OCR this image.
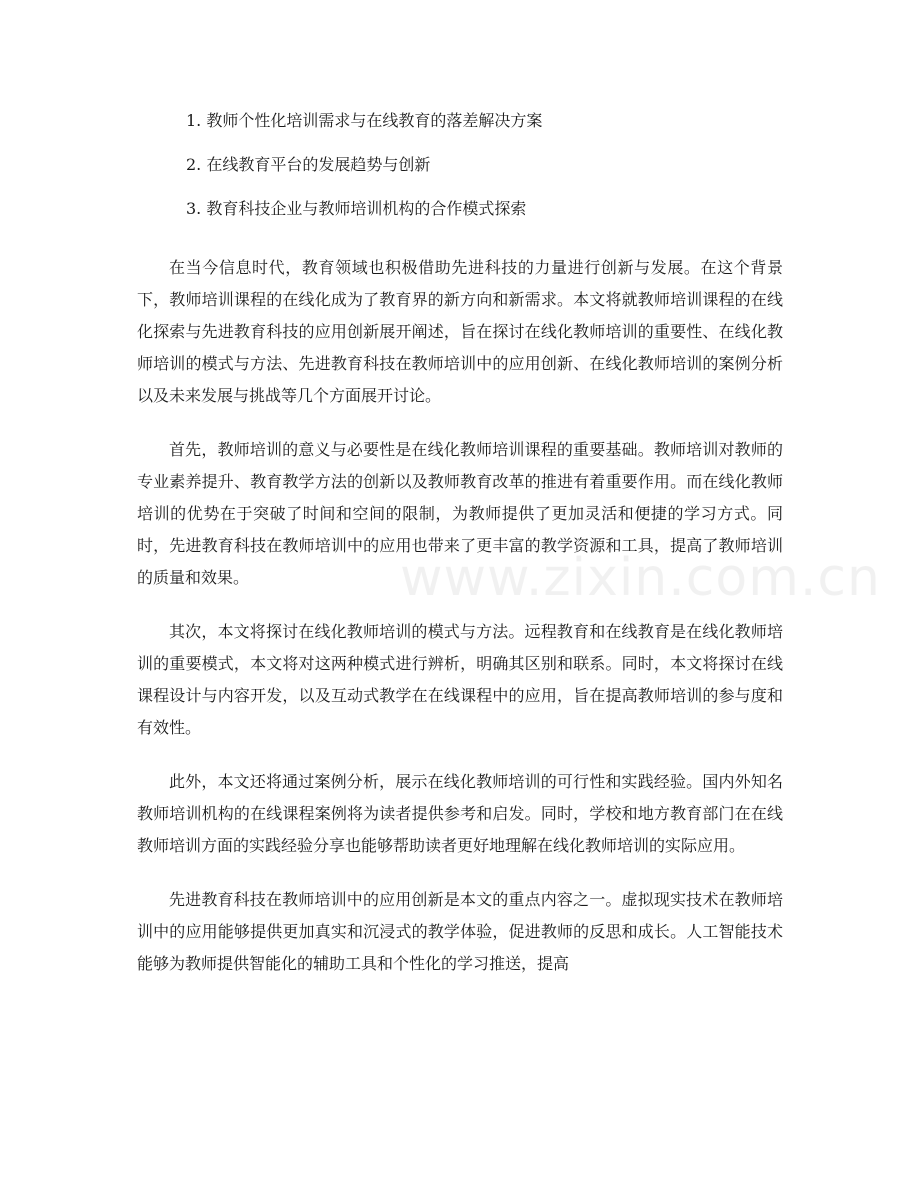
1. 教师个性化培训需求与在线教育的落差解决方案
2. 在线教育平台的发展趋势与创新
3. 教育科技企业与教师培训机构的合作模式探索

在当今信息时代，教育领域也积极借助先进科技的力量进行创新与发展。在这个背景下，教师培训课程的在线化成为了教育界的新方向和新需求。本文将就教师培训课程的在线化探索与先进教育科技的应用创新展开阐述，旨在探讨在线化教师培训的重要性、在线化教师培训的模式与方法、先进教育科技在教师培训中的应用创新、在线化教师培训的案例分析以及未来发展与挑战等几个方面展开讨论。

首先，教师培训的意义与必要性是在线化教师培训课程的重要基础。教师培训对教师的专业素养提升、教育教学方法的创新以及教师教育改革的推进有着重要作用。而在线化教师培训的优势在于突破了时间和空间的限制，为教师提供了更加灵活和便捷的学习方式。同时，先进教育科技在教师培训中的应用也带来了更丰富的教学资源和工具，提高了教师培训的质量和效果。

其次，本文将探讨在线化教师培训的模式与方法。远程教育和在线教育是在线化教师培训的重要模式，本文将对这两种模式进行辨析，明确其区别和联系。同时，本文将探讨在线课程设计与内容开发，以及互动式教学在在线课程中的应用，旨在提高教师培训的参与度和有效性。

此外，本文还将通过案例分析，展示在线化教师培训的可行性和实践经验。国内外知名教师培训机构的在线课程案例将为读者提供参考和启发。同时，学校和地方教育部门在在线教师培训方面的实践经验分享也能够帮助读者更好地理解在线化教师培训的实际应用。

先进教育科技在教师培训中的应用创新是本文的重点内容之一。虚拟现实技术在教师培训中的应用能够提供更加真实和沉浸式的教学体验，促进教师的反思和成长。人工智能技术能够为教师提供智能化的辅助工具和个性化的学习推送，提高

www.zixin.com.cn
